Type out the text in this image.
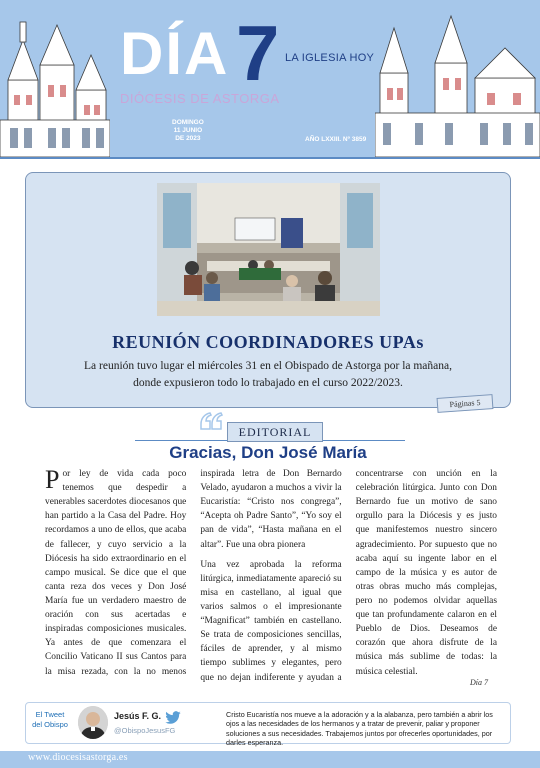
DÍA 7 LA IGLESIA HOY
DIÓCESIS DE ASTORGA
DOMINGO
11 JUNIO
DE 2023	AÑO LXXIII. Nº 3859
REUNIÓN COORDINADORES UPAs
La reunión tuvo lugar el miércoles 31 en el Obispado de Astorga por la mañana, donde expusieron todo lo trabajado en el curso 2022/2023.
Páginas 5
EDITORIAL
Gracias, Don José María

Por ley de vida cada poco tenemos que despedir a venerables sacerdotes diocesanos que han partido a la Casa del Padre. Hoy recordamos a uno de ellos, que acaba de fallecer, y cuyo servicio a la Diócesis ha sido extraordinario en el campo musical. Se dice que el que canta reza dos veces y Don José María fue un verdadero maestro de oración con sus acertadas e inspiradas composiciones musicales. Ya antes de que comenzara el Concilio Vaticano II sus Cantos para la misa rezada, con la no menos inspirada letra de Don Bernardo Velado, ayudaron a muchos a vivir la Eucaristía: “Cristo nos congrega”, “Acepta oh Padre Santo”, “Yo soy el pan de vida”, “Hasta mañana en el altar”. Fue una obra pionera

Una vez aprobada la reforma litúrgica, inmediatamente apareció su misa en castellano, al igual que varios salmos o el impresionante “Magnificat” también en castellano. Se trata de composiciones sencillas, fáciles de aprender, y al mismo tiempo sublimes y elegantes, pero que no dejan indiferente y ayudan a concentrarse con unción en la celebración litúrgica. Junto con Don Bernardo fue un motivo de sano orgullo para la Diócesis y es justo que manifestemos nuestro sincero agradecimiento. Por supuesto que no acaba aquí su ingente labor en el campo de la música y es autor de otras obras mucho más complejas, pero no podemos olvidar aquellas que tan profundamente calaron en el Pueblo de Dios. Deseamos de corazón que ahora disfrute de la música más sublime de todas: la música celestial.

Día 7
El Tweet
del Obispo
Jesús F. G.
@ObispoJesusFG
Cristo Eucaristía nos mueve a la adoración y a la alabanza, pero también a abrir los ojos a las necesidades de los hermanos y a tratar de prevenir, paliar y proponer soluciones a sus necesidades. Trabajemos juntos por ofrecerles oportunidades, por darles esperanza.
www.diocesisastorga.es
